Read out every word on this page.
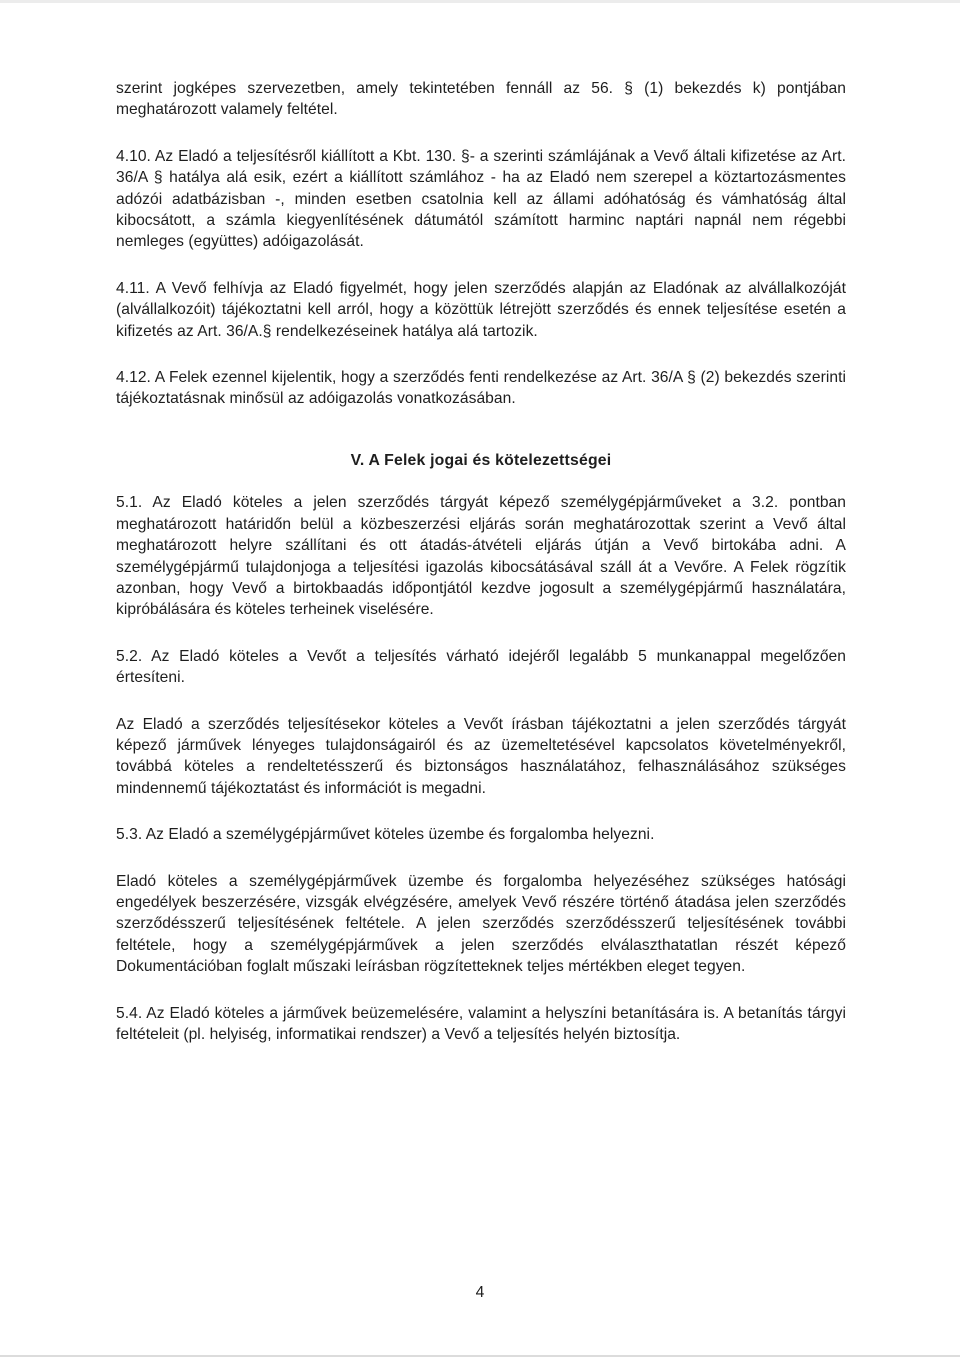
szerint jogképes szervezetben, amely tekintetében fennáll az 56. § (1) bekezdés k) pontjában meghatározott valamely feltétel.

4.10. Az Eladó a teljesítésről kiállított a Kbt. 130. §- a szerinti számlájának a Vevő általi kifizetése az Art. 36/A § hatálya alá esik, ezért a kiállított számlához - ha az Eladó nem szerepel a köztartozásmentes adózói adatbázisban -, minden esetben csatolnia kell az állami adóhatóság és vámhatóság által kibocsátott, a számla kiegyenlítésének dátumától számított harminc naptári napnál nem régebbi nemleges (együttes) adóigazolását.

4.11. A Vevő felhívja az Eladó figyelmét, hogy jelen szerződés alapján az Eladónak az alvállalkozóját (alvállalkozóit) tájékoztatni kell arról, hogy a közöttük létrejött szerződés és ennek teljesítése esetén a kifizetés az Art. 36/A.§ rendelkezéseinek hatálya alá tartozik.

4.12. A Felek ezennel kijelentik, hogy a szerződés fenti rendelkezése az Art. 36/A § (2) bekezdés szerinti tájékoztatásnak minősül az adóigazolás vonatkozásában.

V. A Felek jogai és kötelezettségei

5.1. Az Eladó köteles a jelen szerződés tárgyát képező személygépjárműveket a 3.2. pontban meghatározott határidőn belül a közbeszerzési eljárás során meghatározottak szerint a Vevő által meghatározott helyre szállítani és ott átadás-átvételi eljárás útján a Vevő birtokába adni. A személygépjármű tulajdonjoga a teljesítési igazolás kibocsátásával száll át a Vevőre. A Felek rögzítik azonban, hogy Vevő a birtokbaadás időpontjától kezdve jogosult a személygépjármű használatára, kipróbálására és köteles terheinek viselésére.

5.2. Az Eladó köteles a Vevőt a teljesítés várható idejéről legalább 5 munkanappal megelőzően értesíteni.

Az Eladó a szerződés teljesítésekor köteles a Vevőt írásban tájékoztatni a jelen szerződés tárgyát képező járművek lényeges tulajdonságairól és az üzemeltetésével kapcsolatos követelményekről, továbbá köteles a rendeltetésszerű és biztonságos használatához, felhasználásához szükséges mindennemű tájékoztatást és információt is megadni.

5.3. Az Eladó a személygépjárművet köteles üzembe és forgalomba helyezni.

Eladó köteles a személygépjárművek üzembe és forgalomba helyezéséhez szükséges hatósági engedélyek beszerzésére, vizsgák elvégzésére, amelyek Vevő részére történő átadása jelen szerződés szerződésszerű teljesítésének feltétele. A jelen szerződés szerződésszerű teljesítésének további feltétele, hogy a személygépjárművek a jelen szerződés elválaszthatatlan részét képező Dokumentációban foglalt műszaki leírásban rögzítetteknek teljes mértékben eleget tegyen.

5.4. Az Eladó köteles a járművek beüzemelésére, valamint a helyszíni betanítására is. A betanítás tárgyi feltételeit (pl. helyiség, informatikai rendszer) a Vevő a teljesítés helyén biztosítja.

4
